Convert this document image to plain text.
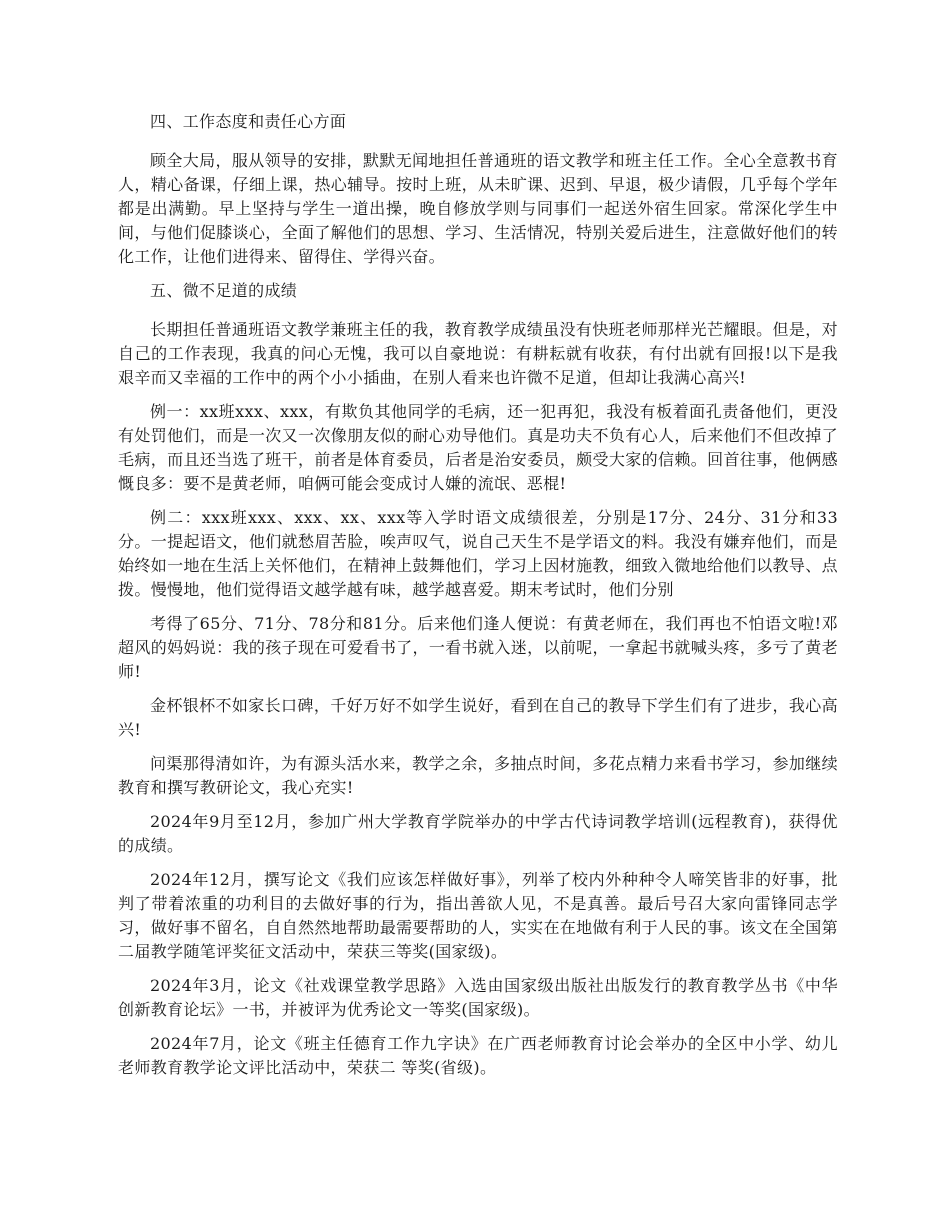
四、工作态度和责任心方面

顾全大局，服从领导的安排，默默无闻地担任普通班的语文教学和班主任工作。全心全意教书育人，精心备课，仔细上课，热心辅导。按时上班，从未旷课、迟到、早退，极少请假，几乎每个学年都是出满勤。早上坚持与学生一道出操，晚自修放学则与同事们一起送外宿生回家。常深化学生中间，与他们促膝谈心，全面了解他们的思想、学习、生活情况，特别关爱后进生，注意做好他们的转化工作，让他们进得来、留得住、学得兴奋。

五、微不足道的成绩

长期担任普通班语文教学兼班主任的我，教育教学成绩虽没有快班老师那样光芒耀眼。但是，对自己的工作表现，我真的问心无愧，我可以自豪地说：有耕耘就有收获，有付出就有回报!以下是我艰辛而又幸福的工作中的两个小小插曲，在别人看来也许微不足道，但却让我满心高兴!

例一：xx班xxx、xxx，有欺负其他同学的毛病，还一犯再犯，我没有板着面孔责备他们，更没有处罚他们，而是一次又一次像朋友似的耐心劝导他们。真是功夫不负有心人，后来他们不但改掉了毛病，而且还当选了班干，前者是体育委员，后者是治安委员，颇受大家的信赖。回首往事，他俩感慨良多：要不是黄老师，咱俩可能会变成讨人嫌的流氓、恶棍!

例二：xxx班xxx、xxx、xx、xxx等入学时语文成绩很差，分别是17分、24分、31分和33分。一提起语文，他们就愁眉苦脸，唉声叹气，说自己天生不是学语文的料。我没有嫌弃他们，而是始终如一地在生活上关怀他们，在精神上鼓舞他们，学习上因材施教，细致入微地给他们以教导、点拨。慢慢地，他们觉得语文越学越有味，越学越喜爱。期末考试时，他们分别

考得了65分、71分、78分和81分。后来他们逢人便说：有黄老师在，我们再也不怕语文啦!邓超风的妈妈说：我的孩子现在可爱看书了，一看书就入迷，以前呢，一拿起书就喊头疼，多亏了黄老师!

金杯银杯不如家长口碑，千好万好不如学生说好，看到在自己的教导下学生们有了进步，我心高兴!

问渠那得清如许，为有源头活水来，教学之余，多抽点时间，多花点精力来看书学习，参加继续教育和撰写教研论文，我心充实!

2024年9月至12月，参加广州大学教育学院举办的中学古代诗词教学培训(远程教育)，获得优的成绩。

2024年12月，撰写论文《我们应该怎样做好事》，列举了校内外种种令人啼笑皆非的好事，批判了带着浓重的功利目的去做好事的行为，指出善欲人见，不是真善。最后号召大家向雷锋同志学习，做好事不留名，自自然然地帮助最需要帮助的人，实实在在地做有利于人民的事。该文在全国第二届教学随笔评奖征文活动中，荣获三等奖(国家级)。

2024年3月，论文《社戏课堂教学思路》入选由国家级出版社出版发行的教育教学丛书《中华创新教育论坛》一书，并被评为优秀论文一等奖(国家级)。

2024年7月，论文《班主任德育工作九字诀》在广西老师教育讨论会举办的全区中小学、幼儿老师教育教学论文评比活动中，荣获二 等奖(省级)。
